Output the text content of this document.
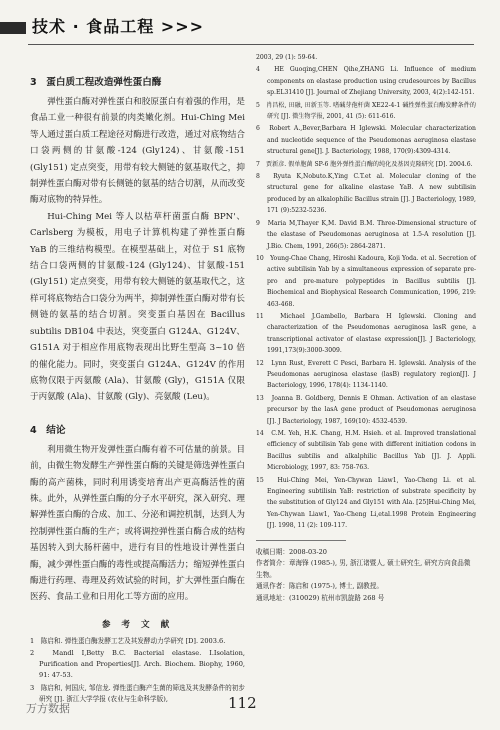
技术 · 食品工程 >>>
3　蛋白质工程改造弹性蛋白酶

弹性蛋白酶对弹性蛋白和胶原蛋白有着强的作用，是食品工业一种很有前景的肉类嫩化剂。Hui-Ching Mei 等人通过蛋白质工程途径对酶进行改造，通过对底物结合口袋两侧的甘氨酸-124 (Gly124)、甘氨酸-151 (Gly151) 定点突变，用带有较大侧链的氨基取代之，抑制弹性蛋白酶对带有长侧链的氨基的结合切割，从而改变酶对底物的特异性。

Hui-Ching Mei 等人以枯草杆菌蛋白酶 BPN'、Carlsberg 为模板，用电子计算机构建了弹性蛋白酶 YaB 的三维结构模型。在模型基础上，对位于 S1 底物结合口袋两侧的甘氨酸-124 (Gly124)、甘氨酸-151 (Gly151) 定点突变，用带有较大侧链的氨基取代之，这样可将底物结合口袋分为两半，抑制弹性蛋白酶对带有长侧链的氨基的结合切割。突变蛋白基因在 Bacillus subtilis DB104 中表达，突变蛋白 G124A、G124V、G151A 对于相应作用底物表现出比野生型高 3~10 倍的催化能力。同时，突变蛋白 G124A、G124V 的作用底物仅限于丙氨酸 (Ala)、甘氨酸 (Gly)，G151A 仅限于丙氨酸 (Ala)、甘氨酸 (Gly)、亮氨酸 (Leu)。

4　结论

利用微生物开发弹性蛋白酶有着不可估量的前景。目前，由微生物发酵生产弹性蛋白酶的关键是筛选弹性蛋白酶的高产菌株，同时利用诱变培育出产更高酶活性的菌株。此外，从弹性蛋白酶的分子水平研究，深入研究、理解弹性蛋白酶的合成、加工、分泌和调控机制，达到人为控制弹性蛋白酶的生产；或将调控弹性蛋白酶合成的结构基因转入到大肠杆菌中，进行有目的性地设计弹性蛋白酶，减少弹性蛋白酶的毒性或提高酶活力；缩短弹性蛋白酶进行药理、毒理及药效试验的时间，扩大弹性蛋白酶在医药、食品工业和日用化工等方面的应用。

参 考 文 献

1　陈启和. 弹性蛋白酶发酵工艺及其发酵动力学研究 [D]. 2003.6.

2　Mandl I,Betty B.C. Bacterial elastase. I.Isolation, Purification and Properties[J]. Arch. Biochem. Biophy, 1960, 91: 47-53.

3　陈启和, 何国庆, 邹信龙. 弹性蛋白酶产生菌的筛选及其发酵条件的初步研究 [J]. 浙江大学学报 (农业与生命科学版),

2003, 29 (1): 59-64.

4　HE Guoqing,CHEN Qihe,ZHANG Li. Influence of medium components on elastase production using crudesources by Bacillus sp.EL31410 [J]. Journal of Zhejiang University, 2003, 4(2):142-151.

5　肖昌松, 田融, 田新玉等. 嗜碱芽孢杆菌 XE22-4-1 碱性弹性蛋白酶发酵条件的研究 [J]. 微生物学报, 2001, 41 (5): 611-616.

6　Robert A.,Bever,Barbara H Iglewski. Molecular characterization and nucleotide sequence of the Pseudomonas aeruginosa elastase structural gene[J]. J. Bacteriology, 1988, 170(9):4309-4314.

7　贾新彦. 假单胞菌 SP-6 胞外弹性蛋白酶的纯化及基因克隆研究 [D]. 2004.6.

8　Ryuta K,Nobuto.K,Ying C.T.et al. Molecular cloning of the structural gene for alkaline elastase YaB. A new subtilisin produced by an alkalophilic Bacillus strain [J]. J Bacteriology, 1989, 171 (9):5232-5236.

9　Maria M,Thayer K,M. David B.M. Three-Dimensional structure of the elastase of Pseudomonas aeruginosa at 1.5-A resolution [J]. J.Bio. Chem, 1991, 266(5): 2864-2871.

10　Young-Chae Chang, Hiroshi Kadoura, Koji Yoda. et al. Secretion of active subtilisin Yab by a simultaneous expression of separate pre-pro and pre-mature polypeptides in Bacillus subtilis [J]. Biochemical and Biophysical Research Communication, 1996, 219: 463-468.

11　Michael J.Gambello, Barbara H Iglewski. Cloning and characterization of the Pseudomonas aeruginosa lasR gene, a transcriptional activator of elastase expression[J]. J Bacteriology, 1991,173(9):3000-3009.

12　Lynn Rust, Everett C Pesci, Barbara H. Iglewski. Analysis of the Pseudomonas aeruginosa elastase (lasB) regulatory region[J]. J Bacteriology, 1996, 178(4): 1134-1140.

13　Joanna B. Goldberg, Dennis E Ohman. Activation of an elastase precursor by the lasA gene product of Pseudomonas aeruginosa [J]. J Bacteriology, 1987, 169(10): 4532-4539.

14　C.M. Yeh, H.K. Chang, H.M. Hsieh. et al. Improved translational efficiency of subtilisin Yab gene with different initiation codons in Bacillus subtilis and alkalphilic Bacillus Yab [J]. J. Appli. Microbiology, 1997, 83: 758-763.

15　Hui-Ching Mei, Yen-Chywan Liaw1, Yao-Cheng Li. et al. Engineering subtilisin YaB: restriction of substrate specificity by the substitution of Gly124 and Gly151 with Ala. [25]Hui-Ching Mei, Yen-Chywan Liaw1, Yao-Cheng Li,etal.1998 Protein Engineering [J]. 1998, 11 (2): 109-117.

收稿日期：2008-03-20

作者简介：章海锋 (1985-), 男, 浙江诸暨人, 硕士研究生, 研究方向食品微生物。

通讯作者：陈启和 (1975-), 博士, 副教授。

通讯地址：(310029) 杭州市凯旋路 268 号

万方数据	112
